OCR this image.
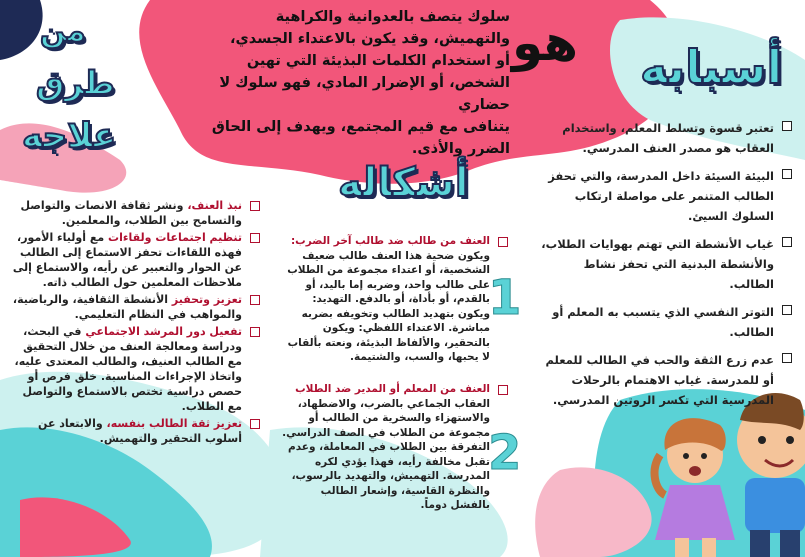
أسبابه
أشكاله
من
طرق
علاجه
هو
سلوك يتصف بالعدوانية والكراهية
والتهميش، وقد يكون بالاعتداء الجسدي،
أو استخدام الكلمات البذيئة التي تهين
الشخص، أو الإضرار المادي، فهو سلوك لا حضاري
يتنافى مع قيم المجتمع، ويهدف إلى الحاق
الضرر والأذى.
تعتبر قسوة وتسلط المعلم، واستخدام العقاب هو مصدر العنف المدرسي.
البيئة السيئة داخل المدرسة، والتي تحفز الطالب المتنمر على مواصلة ارتكاب السلوك السيئ.
غياب الأنشطة التي تهتم بهوايات الطلاب، والأنشطة البدنية التي تحفز نشاط الطالب.
التوتر النفسي الذي يتسبب به المعلم أو الطالب.
عدم زرع الثقة والحب في الطالب للمعلم أو للمدرسة. غياب الاهتمام بالرحلات المدرسية التي تكسر الروتين المدرسي.
1
العنف من طالب ضد طالب آخر الضرب:
ويكون ضحية هذا العنف طالب ضعيف الشخصية، أو اعتداء مجموعة من الطلاب على طالب واحد، وضربه إما باليد، أو بالقدم، أو بأداة، أو بالدفع. التهديد: ويكون بتهديد الطالب وتخويفه بضربه مباشرة. الاعتداء اللفظي: ويكون بالتحقير، والألفاظ البذيئة، ونعته بألقاب لا يحبها، والسب، والشتيمة.
2
العنف من المعلم أو المدير ضد الطلاب
العقاب الجماعي بالضرب، والاضطهاد، والاستهزاء والسخرية من الطالب أو مجموعة من الطلاب في الصف الدراسي. التفرقة بين الطلاب في المعاملة، وعدم تقبل مخالفة رأيه، فهذا يؤدي لكره المدرسة. التهميش، والتهديد بالرسوب، والنظرة القاسية، وإشعار الطالب بالفشل دوماً.
نبذ العنف، ونشر ثقافة الانصات والتواصل والتسامح بين الطلاب، والمعلمين.
تنظيم اجتماعات ولقاءات مع أولياء الأمور، فهذه اللقاءات تحفز الاستماع إلى الطالب عن الحوار والتعبير عن رأيه، والاستماع إلى ملاحظات المعلمين حول الطالب ذاته.
تعزيز وتحفيز الأنشطة الثقافية، والرياضية، والمواهب في النظام التعليمي.
تفعيل دور المرشد الاجتماعي في البحث، ودراسة ومعالجة العنف من خلال التحقيق مع الطالب العنيف، والطالب المعتدى عليه، واتخاذ الإجراءات المناسبة. خلق فرص أو حصص دراسية تختص بالاستماع والتواصل مع الطلاب.
تعزيز ثقة الطالب بنفسه، والابتعاد عن أسلوب التحقير والتهميش.
